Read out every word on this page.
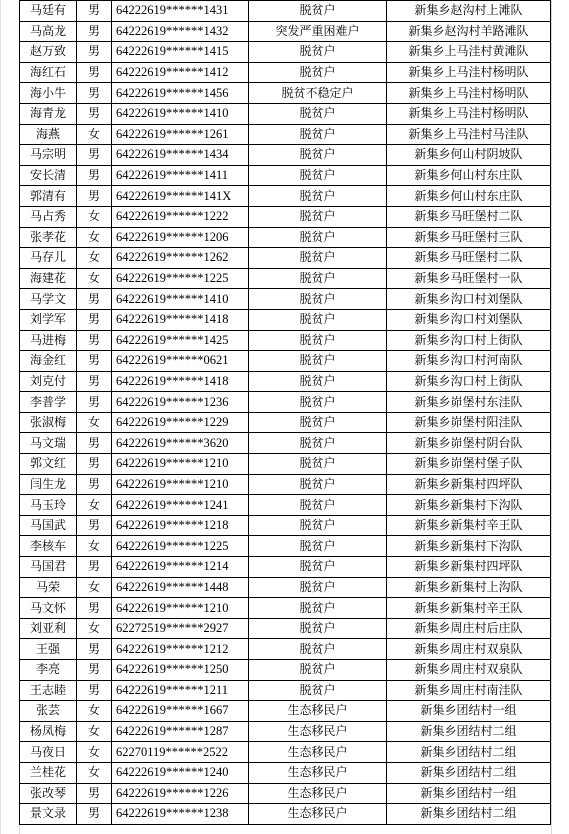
马廷有	男	64222619******1431	脱贫户	新集乡赵沟村上滩队
马高龙	男	64222619******1432	突发严重困难户	新集乡赵沟村羊路滩队
赵万致	男	64222619******1415	脱贫户	新集乡上马洼村黄滩队
海红石	男	64222619******1412	脱贫户	新集乡上马洼村杨明队
海小牛	男	64222619******1456	脱贫不稳定户	新集乡上马洼村杨明队
海青龙	男	64222619******1410	脱贫户	新集乡上马洼村杨明队
海燕	女	64222619******1261	脱贫户	新集乡上马洼村马洼队
马宗明	男	64222619******1434	脱贫户	新集乡何山村阴坡队
安长清	男	64222619******1411	脱贫户	新集乡何山村东庄队
郭清有	男	64222619******141X	脱贫户	新集乡何山村东庄队
马占秀	女	64222619******1222	脱贫户	新集乡马旺堡村二队
张孝花	女	64222619******1206	脱贫户	新集乡马旺堡村三队
马存儿	女	64222619******1262	脱贫户	新集乡马旺堡村二队
海建花	女	64222619******1225	脱贫户	新集乡马旺堡村一队
马学文	男	64222619******1410	脱贫户	新集乡沟口村刘堡队
刘学军	男	64222619******1418	脱贫户	新集乡沟口村刘堡队
马进梅	男	64222619******1425	脱贫户	新集乡沟口村上街队
海金红	男	64222619******0621	脱贫户	新集乡沟口村河南队
刘克付	男	64222619******1418	脱贫户	新集乡沟口村上街队
李普学	男	64222619******1236	脱贫户	新集乡峁堡村东洼队
张淑梅	女	64222619******1229	脱贫户	新集乡峁堡村阳洼队
马文瑞	男	64222619******3620	脱贫户	新集乡峁堡村阴台队
郭文红	男	64222619******1210	脱贫户	新集乡峁堡村堡子队
闫生龙	男	64222619******1210	脱贫户	新集乡新集村四坪队
马玉玲	女	64222619******1241	脱贫户	新集乡新集村下沟队
马国武	男	64222619******1218	脱贫户	新集乡新集村辛王队
李核车	女	64222619******1225	脱贫户	新集乡新集村下沟队
马国君	男	64222619******1214	脱贫户	新集乡新集村四坪队
马荣	女	64222619******1448	脱贫户	新集乡新集村上沟队
马文怀	男	64222619******1210	脱贫户	新集乡新集村辛王队
刘亚利	女	62272519******2927	脱贫户	新集乡周庄村后庄队
王强	男	64222619******1212	脱贫户	新集乡周庄村双泉队
李亮	男	64222619******1250	脱贫户	新集乡周庄村双泉队
王志睦	男	64222619******1211	脱贫户	新集乡周庄村南洼队
张芸	女	64222619******1667	生态移民户	新集乡团结村一组
杨凤梅	女	64222619******1287	生态移民户	新集乡团结村二组
马夜日	女	62270119******2522	生态移民户	新集乡团结村二组
兰桂花	女	64222619******1240	生态移民户	新集乡团结村二组
张改琴	男	64222619******1226	生态移民户	新集乡团结村一组
景文录	男	64222619******1238	生态移民户	新集乡团结村二组
